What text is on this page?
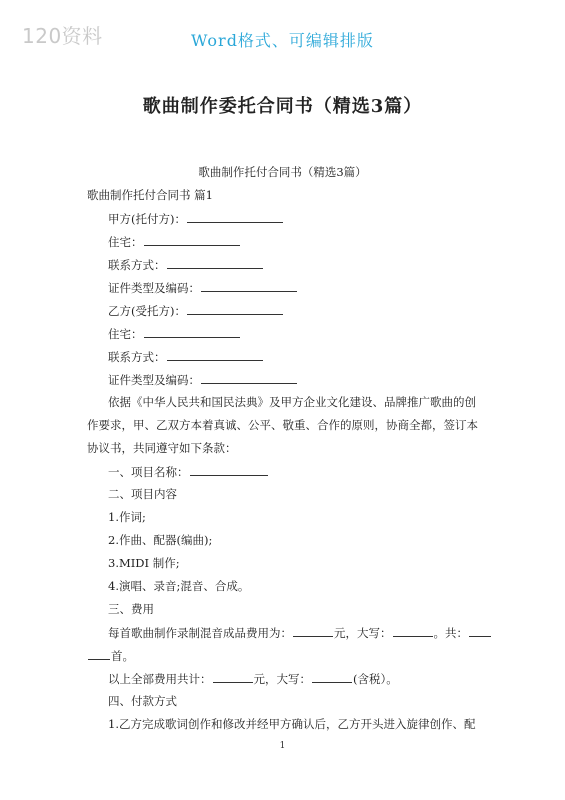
120资料	Word格式、可编辑排版
歌曲制作委托合同书（精选3篇）
歌曲制作托付合同书（精选3篇）
歌曲制作托付合同书 篇1
甲方(托付方)：
住宅：
联系方式：
证件类型及编码：
乙方(受托方)：
住宅：
联系方式：
证件类型及编码：
依据《中华人民共和国民法典》及甲方企业文化建设、品牌推广歌曲的创
作要求，甲、乙双方本着真诚、公平、敬重、合作的原则，协商全都，签订本
协议书，共同遵守如下条款：
一、项目名称：
二、项目内容
1.作词;
2.作曲、配器(编曲);
3.MIDI 制作;
4.演唱、录音;混音、合成。
三、费用
每首歌曲制作录制混音成品费用为：	元，大写：	。共：
首。
以上全部费用共计：	元，大写：	(含税）。
四、付款方式
1.乙方完成歌词创作和修改并经甲方确认后，乙方开头进入旋律创作、配
1
